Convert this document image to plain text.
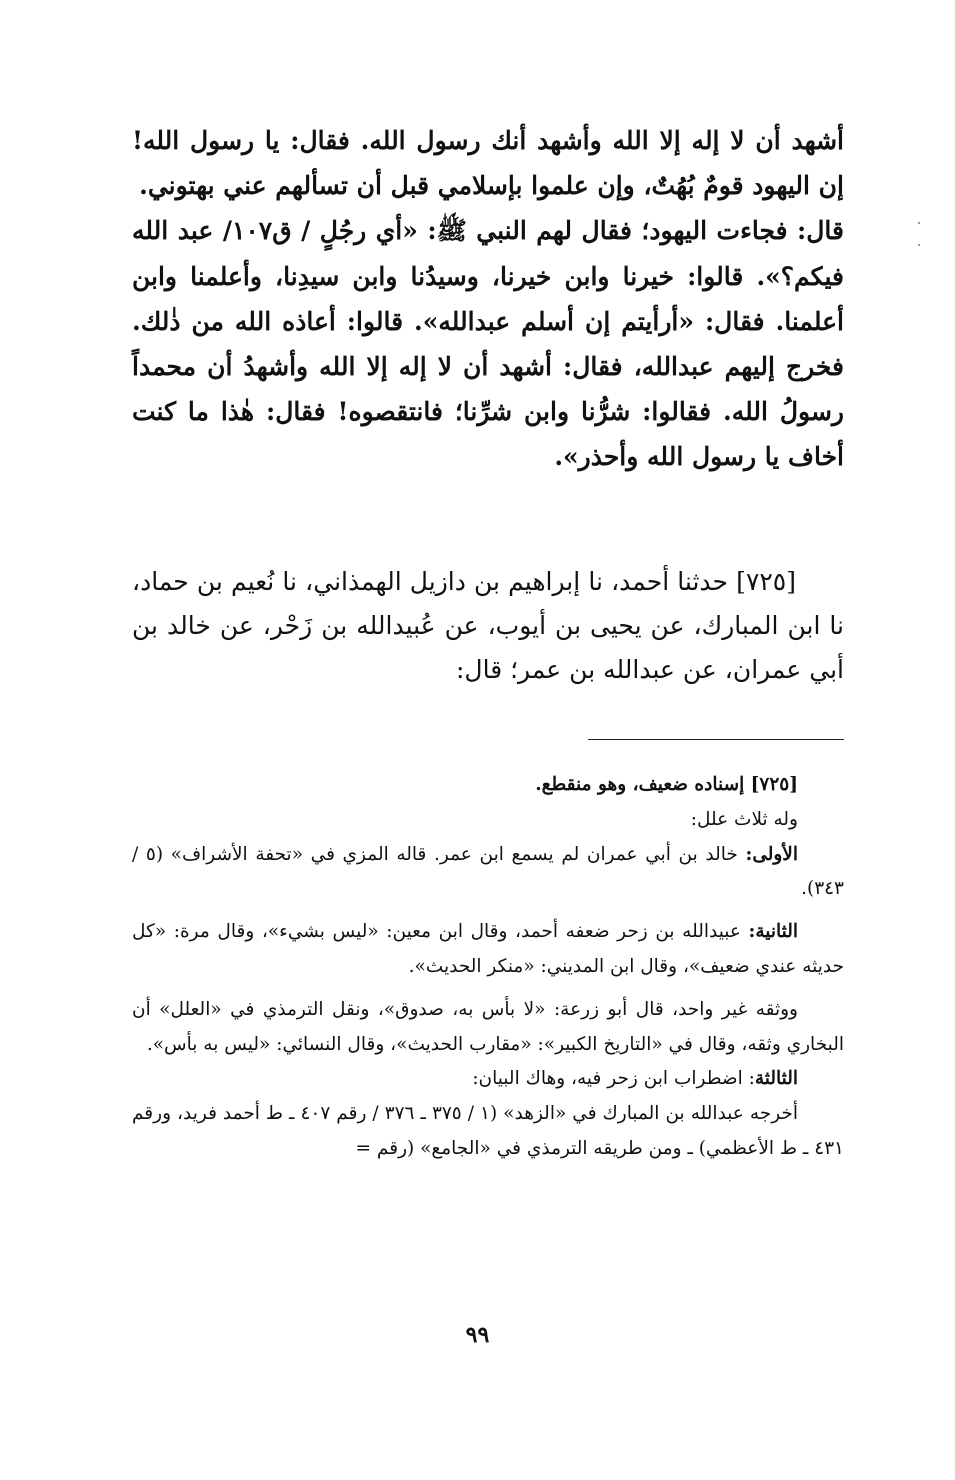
أشهد أن لا إله إلا الله وأشهد أنك رسول الله. فقال: يا رسول الله! إن اليهود قومٌ بُهُتٌ، وإن علموا بإسلامي قبل أن تسألهم عني بهتوني.

قال: فجاءت اليهود؛ فقال لهم النبي ﷺ: «أي رجُلٍ / ق١٠٧/ عبد الله فيكم؟». قالوا: خيرنا وابن خيرنا، وسيدُنا وابن سيدِنا، وأعلمنا وابن أعلمنا. فقال: «أرأيتم إن أسلم عبدالله». قالوا: أعاذه الله من ذٰلك. فخرج إليهم عبدالله، فقال: أشهد أن لا إله إلا الله وأشهدُ أن محمداً رسولُ الله. فقالوا: شرُّنا وابن شرِّنا؛ فانتقصوه! فقال: هٰذا ما كنت أخاف يا رسول الله وأحذر».

[٧٢٥] حدثنا أحمد، نا إبراهيم بن دازيل الهمذاني، نا نُعيم بن حماد، نا ابن المبارك، عن يحيى بن أيوب، عن عُبيدالله بن زَحْر، عن خالد بن أبي عمران، عن عبدالله بن عمر؛ قال:

[٧٢٥] إسناده ضعيف، وهو منقطع.

وله ثلاث علل:

الأولى: خالد بن أبي عمران لم يسمع ابن عمر. قاله المزي في «تحفة الأشراف» (٥ / ٣٤٣).

الثانية: عبيدالله بن زحر ضعفه أحمد، وقال ابن معين: «ليس بشيء»، وقال مرة: «كل حديثه عندي ضعيف»، وقال ابن المديني: «منكر الحديث».

ووثقه غير واحد، قال أبو زرعة: «لا بأس به، صدوق»، ونقل الترمذي في «العلل» أن البخاري وثقه، وقال في «التاريخ الكبير»: «مقارب الحديث»، وقال النسائي: «ليس به بأس».

الثالثة: اضطراب ابن زحر فيه، وهاك البيان:

أخرجه عبدالله بن المبارك في «الزهد» (١ / ٣٧٥ ـ ٣٧٦ / رقم ٤٠٧ ـ ط أحمد فريد، ورقم ٤٣١ ـ ط الأعظمي) ـ ومن طريقه الترمذي في «الجامع» (رقم =

٩٩
